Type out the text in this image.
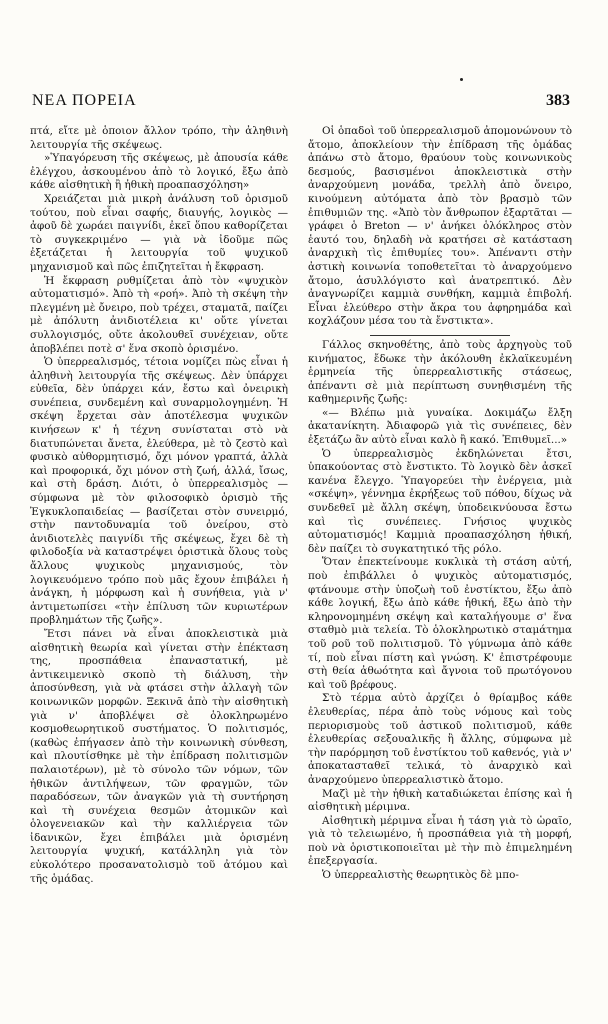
ΝΕΑ ΠΟΡΕΙΑ	383

πτά, εἴτε μὲ ὁποιον ἄλλον τρόπο, τὴν ἀληθινὴ λειτουργία τῆς σκέψεως.

»Ὑπαγόρευση τῆς σκέψεως, μὲ ἀπουσία κάθε ἐλέγχου, ἀσκουμένου ἀπὸ τὸ λογικό, ἔξω ἀπὸ κάθε αἰσθητικὴ ἢ ἠθικὴ προαπασχόληση»

Χρειάζεται μιὰ μικρὴ ἀνάλυση τοῦ ὁρισμοῦ τούτου, ποὺ εἶναι σαφής, διαυγής, λογικὸς — ἀφοῦ δὲ χωράει παιγνίδι, ἐκεῖ ὅπου καθορίζεται τὸ συγκεκριμένο — γιὰ νὰ ἰδοῦμε πῶς ἐξετάζεται ἡ λειτουργία τοῦ ψυχικοῦ μηχανισμοῦ καὶ πῶς ἐπιζητεῖται ἡ ἔκφραση.

Ἡ ἔκφραση ρυθμίζεται ἀπὸ τὸν «ψυχικὸν αὐτοματισμό». Ἀπὸ τὴ «ροή». Ἀπὸ τὴ σκέψη τὴν πλεγμένη μὲ ὄνειρο, ποὺ τρέχει, σταματᾶ, παίζει μὲ ἀπόλυτη ἀνιδιοτέλεια κι' οὔτε γίνεται συλλογισμός, οὔτε ἀκολουθεῖ συνέχειαν, οὔτε ἀποβλέπει ποτὲ σ' ἕνα σκοπὸ ὁρισμένο.

Ὁ ὑπερρεαλισμός, τέτοια νομίζει πὼς εἶναι ἡ ἀληθινὴ λειτουργία τῆς σκέψεως. Δὲν ὑπάρχει εὐθεῖα, δὲν ὑπάρχει κάν, ἔστω καὶ ὀνειρικὴ συνέπεια, συνδεμένη καὶ συναρμολογημένη. Ἡ σκέψη ἔρχεται σὰν ἀποτέλεσμα ψυχικῶν κινήσεων κ' ἡ τέχνη συνίσταται στὸ νὰ διατυπώνεται ἄνετα, ἐλεύθερα, μὲ τὸ ζεστὸ καὶ φυσικὸ αὐθορμητισμό, ὄχι μόνον γραπτά, ἀλλὰ καὶ προφορικά, ὄχι μόνον στὴ ζωή, ἀλλά, ἴσως, καὶ στὴ δράση. Διότι, ὁ ὑπερρεαλισμὸς — σύμφωνα μὲ τὸν φιλοσοφικὸ ὁρισμὸ τῆς Ἐγκυκλοπαιδείας — βασίζεται στὸν συνειρμό, στὴν παντοδυναμία τοῦ ὀνείρου, στὸ ἀνιδιοτελὲς παιγνίδι τῆς σκέψεως, ἔχει δὲ τὴ φιλοδοξία νὰ καταστρέψει ὁριστικὰ ὅλους τοὺς ἄλλους ψυχικοὺς μηχανισμούς, τὸν λογικευόμενο τρόπο ποὺ μᾶς ἔχουν ἐπιβάλει ἡ ἀνάγκη, ἡ μόρφωση καὶ ἡ συνήθεια, γιὰ ν' ἀντιμετωπίσει «τὴν ἐπίλυση τῶν κυριωτέρων προβλημάτων τῆς ζωῆς».

Ἔτσι πάνει νὰ εἶναι ἀποκλειστικὰ μιὰ αἰσθητικὴ θεωρία καὶ γίνεται στὴν ἐπέκταση της, προσπάθεια ἐπαναστατική, μὲ ἀντικειμενικὸ σκοπὸ τὴ διάλυση, τὴν ἀποσύνθεση, γιὰ νὰ φτάσει στὴν ἀλλαγὴ τῶν κοινωνικῶν μορφῶν. Ξεκινᾶ ἀπὸ τὴν αἰσθητικὴ γιὰ ν' ἀποβλέψει σὲ ὁλοκληρωμένο κοσμοθεωρητικοῦ συστήματος. Ὁ πολιτισμός, (καθὼς ἐπήγασεν ἀπὸ τὴν κοινωνικὴ σύνθεση, καὶ πλουτίσθηκε μὲ τὴν ἐπίδραση πολιτισμῶν παλαιοτέρων), μὲ τὸ σύνολο τῶν νόμων, τῶν ἠθικῶν ἀντιλήψεων, τῶν φραγμῶν, τῶν παραδόσεων, τῶν ἀναγκῶν γιὰ τὴ συντήρηση καὶ τὴ συνέχεια θεσμῶν ἀτομικῶν καὶ ὁλογενειακῶν καὶ τὴν καλλιέργεια τῶν ἰδανικῶν, ἔχει ἐπιβάλει μιὰ ὁρισμένη λειτουργία ψυχική, κατάλληλη γιὰ τὸν εὐκολότερο προσανατολισμὸ τοῦ ἀτόμου καὶ τῆς ὁμάδας.

Οἱ ὁπαδοὶ τοῦ ὑπερρεαλισμοῦ ἀπομονώνουν τὸ ἄτομο, ἀποκλείουν τὴν ἐπίδραση τῆς ὁμάδας ἀπάνω στὸ ἄτομο, θραύουν τοὺς κοινωνικοὺς δεσμούς, βασισμένοι ἀποκλειστικὰ στὴν ἀναρχούμενη μονάδα, τρελλὴ ἀπὸ ὄνειρο, κινούμενη αὐτόματα ἀπὸ τὸν βρασμὸ τῶν ἐπιθυμιῶν της. «Ἀπὸ τὸν ἄνθρωπον ἐξαρτᾶται — γράφει ὁ Breton — ν' ἀνήκει ὁλόκληρος στὸν ἑαυτό του, δηλαδὴ νὰ κρατήσει σὲ κατάσταση ἀναρχικὴ τὶς ἐπιθυμίες του». Ἀπέναντι στὴν ἀστικὴ κοινωνία τοποθετεῖται τὸ ἀναρχούμενο ἄτομο, ἀσυλλόγιστο καὶ ἀνατρεπτικό. Δὲν ἀναγνωρίζει καμμιὰ συνθήκη, καμμιὰ ἐπιβολή. Εἶναι ἐλεύθερο στὴν ἄκρα του ἀφηρημάδα καὶ κοχλάζουν μέσα του τὰ ἔνστικτα».

Γάλλος σκηνοθέτης, ἀπὸ τοὺς ἀρχηγοὺς τοῦ κινήματος, ἔδωκε τὴν ἀκόλουθη ἐκλαϊκευμένη ἑρμηνεία τῆς ὑπερρεαλιστικῆς στάσεως, ἀπέναντι σὲ μιὰ περίπτωση συνηθισμένη τῆς καθημερινῆς ζωῆς:

«— Βλέπω μιὰ γυναίκα. Δοκιμάζω ἔλξη ἀκατανίκητη. Ἀδιαφορῶ γιὰ τὶς συνέπειες, δὲν ἐξετάζω ἂν αὐτὸ εἶναι καλὸ ἢ κακό. Ἐπιθυμεῖ...»

Ὁ ὑπερρεαλισμὸς ἐκδηλώνεται ἔτσι, ὑπακούοντας στὸ ἔνστικτο. Τὸ λογικὸ δὲν ἀσκεῖ κανένα ἔλεγχο. Ὑπαγορεύει τὴν ἐνέργεια, μιὰ «σκέψη», γέννημα ἐκρήξεως τοῦ πόθου, δίχως νὰ συνδεθεῖ μὲ ἄλλη σκέψη, ὑποδεικνύουσα ἔστω καὶ τὶς συνέπειες. Γνήσιος ψυχικὸς αὐτοματισμός! Καμμιὰ προαπασχόληση ἠθική, δὲν παίζει τὸ συγκατητικό τῆς ρόλο.

Ὅταν ἐπεκτείνουμε κυκλικὰ τὴ στάση αὐτή, ποὺ ἐπιβάλλει ὁ ψυχικὸς αὐτοματισμός, φτάνουμε στὴν ὑποζωὴ τοῦ ἐνστίκτου, ἔξω ἀπὸ κάθε λογική, ἔξω ἀπὸ κάθε ἠθική, ἔξω ἀπὸ τὴν κληρονομημένη σκέψη καὶ καταλήγουμε σ' ἕνα σταθμὸ μιὰ τελεία. Τὸ ὁλοκληρωτικὸ σταμάτημα τοῦ ροῦ τοῦ πολιτισμοῦ. Τὸ γύμνωμα ἀπὸ κάθε τί, ποὺ εἶναι πίστη καὶ γνώση. Κ' ἐπιστρέφουμε στὴ θεία ἀθωότητα καὶ ἄγνοια τοῦ πρωτόγονου καὶ τοῦ βρέφους.

Στὸ τέρμα αὐτὸ ἀρχίζει ὁ θρίαμβος κάθε ἐλευθερίας, πέρα ἀπὸ τοὺς νόμους καὶ τοὺς περιορισμοὺς τοῦ ἀστικοῦ πολιτισμοῦ, κάθε ἐλευθερίας σεξουαλικῆς ἢ ἄλλης, σύμφωνα μὲ τὴν παρόρμηση τοῦ ἐνστίκτου τοῦ καθενός, γιὰ ν' ἀποκατασταθεῖ τελικά, τὸ ἀναρχικὸ καὶ ἀναρχούμενο ὑπερρεαλιστικὸ ἄτομο.

Μαζὶ μὲ τὴν ἠθικὴ καταδιώκεται ἐπίσης καὶ ἡ αἰσθητικὴ μέριμνα.

Αἰσθητικὴ μέριμνα εἶναι ἡ τάση γιὰ τὸ ὡραῖο, γιὰ τὸ τελειωμένο, ἡ προσπάθεια γιὰ τὴ μορφή, ποὺ νὰ ὁριστικοποιεῖται μὲ τὴν πιὸ ἐπιμελημένη ἐπεξεργασία.

Ὁ ὑπερρεαλιστὴς θεωρητικὸς δὲ μπο-
